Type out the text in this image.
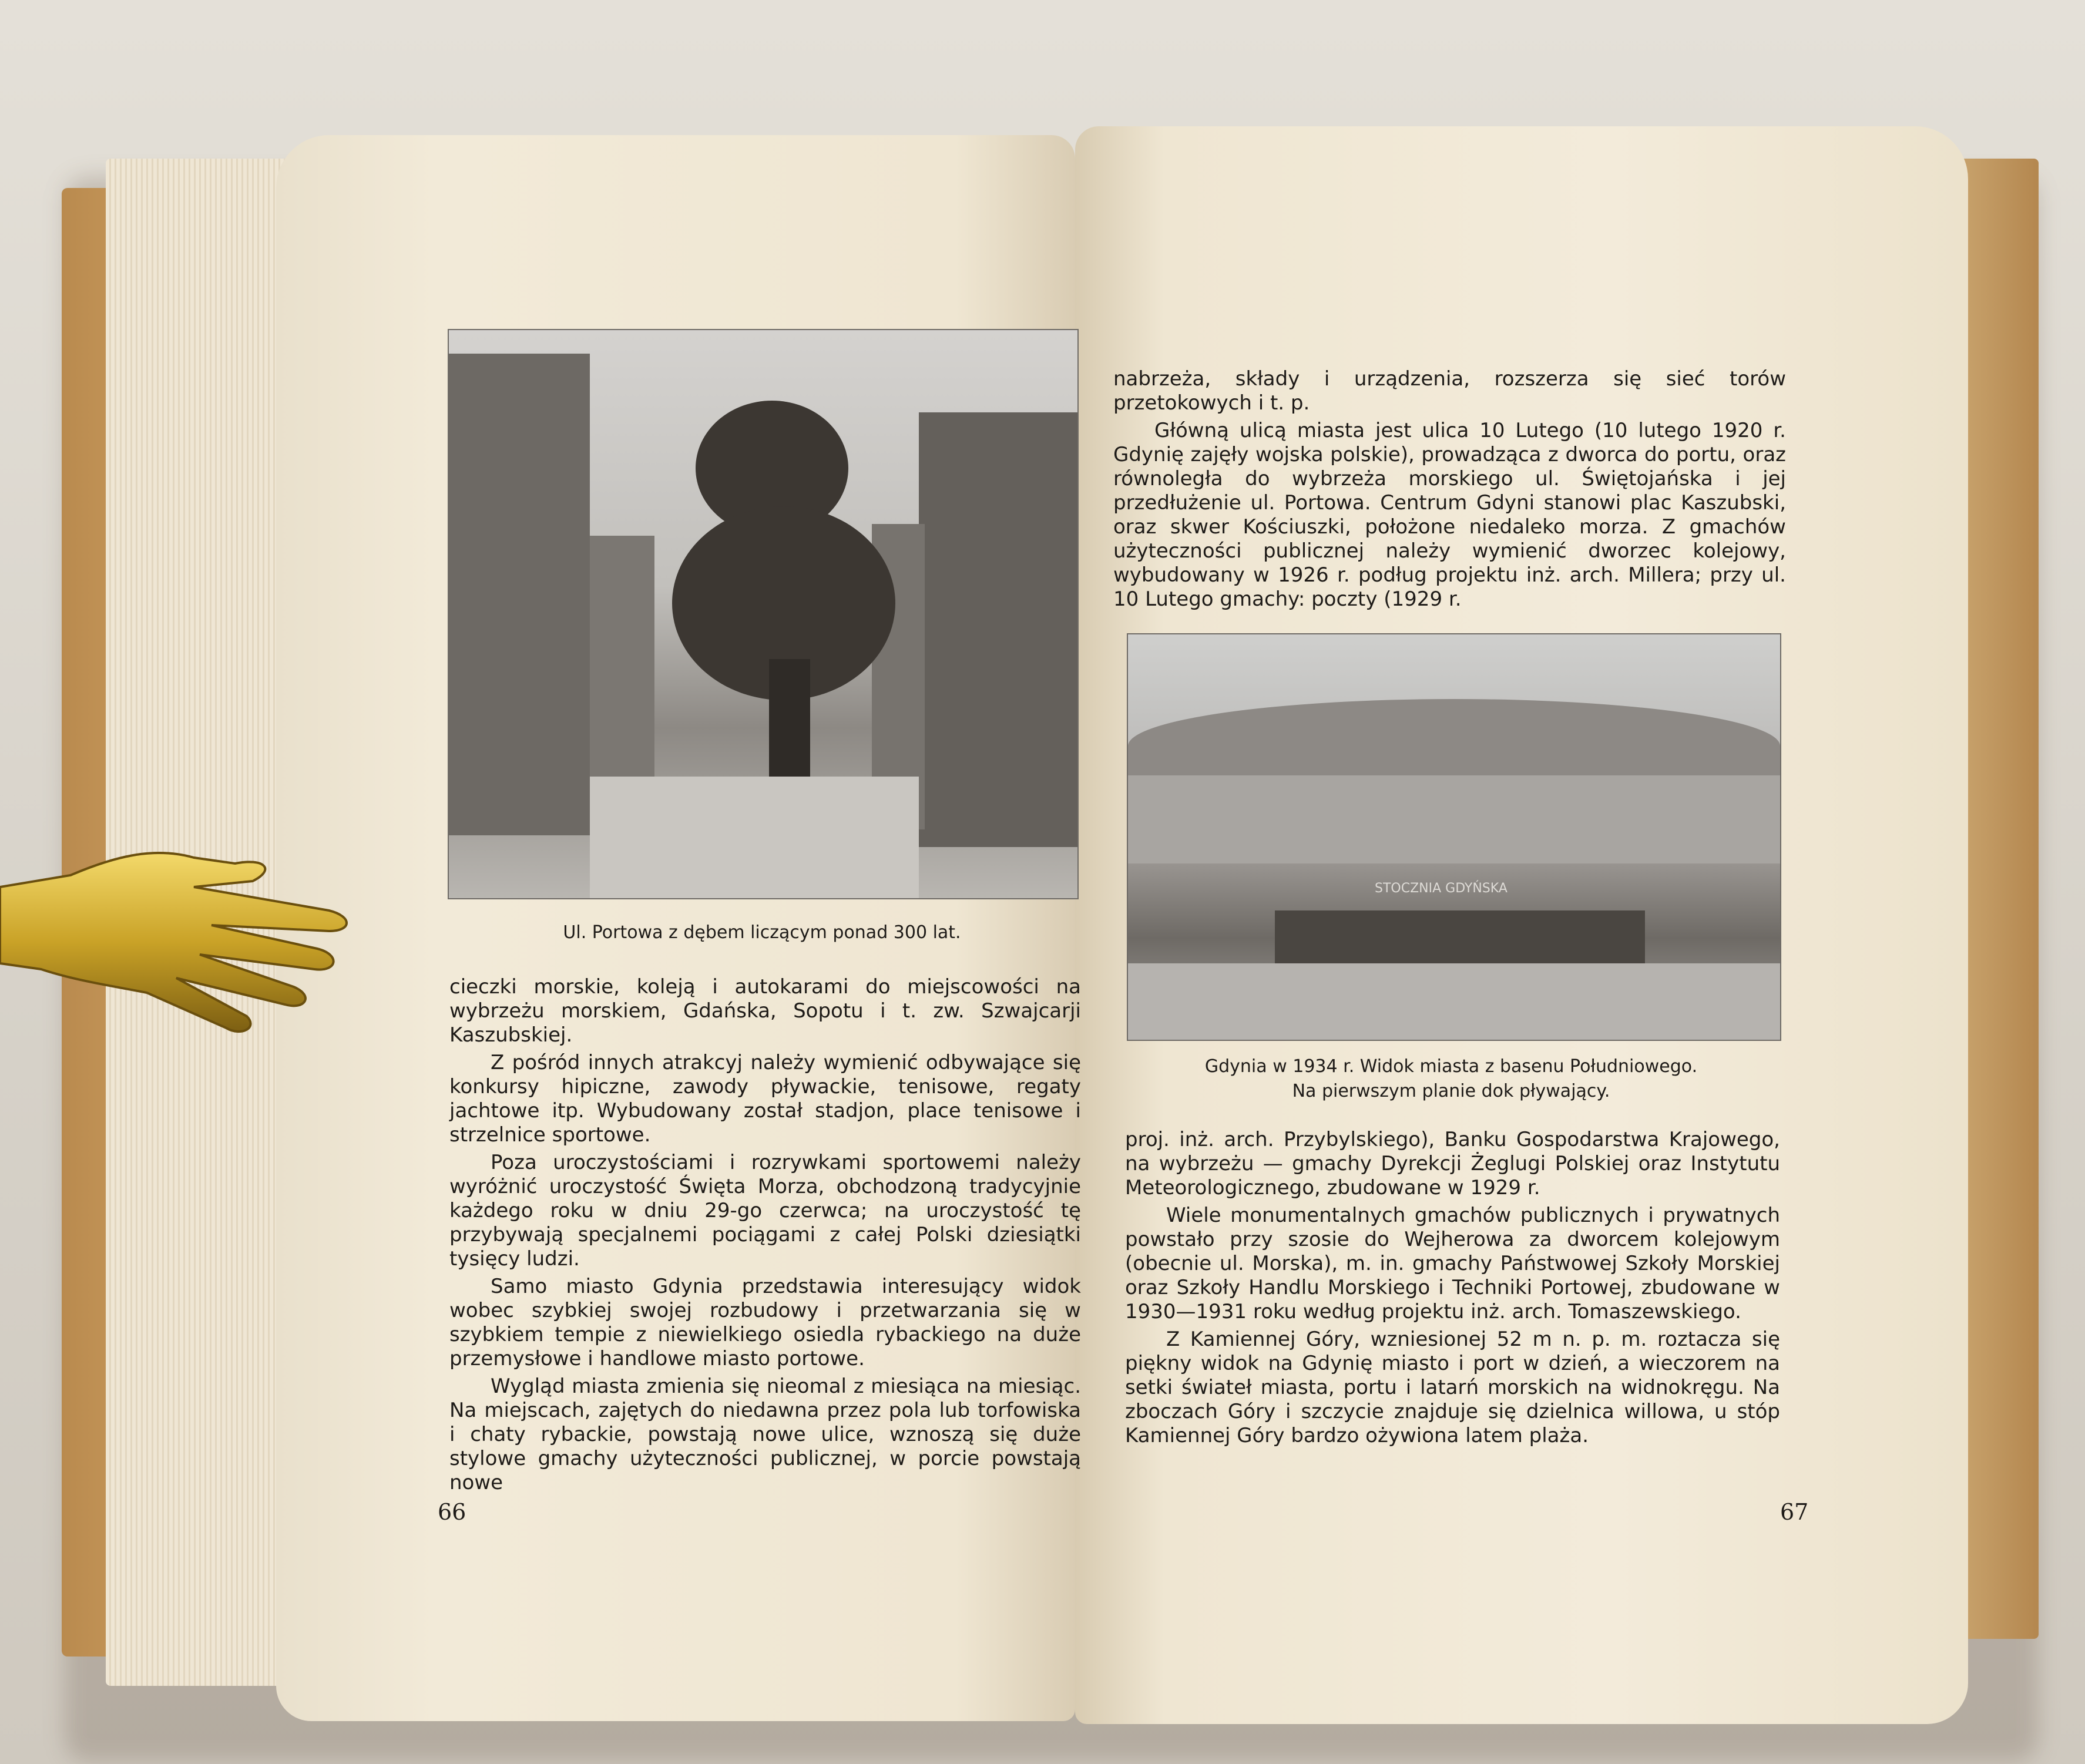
Ul. Portowa z dębem liczącym ponad 300 lat.

cieczki morskie, koleją i autokarami do miejscowości na wybrzeżu morskiem, Gdańska, Sopotu i t. zw. Szwajcarji Kaszubskiej.

Z pośród innych atrakcyj należy wymienić odbywające się konkursy hipiczne, zawody pływackie, tenisowe, regaty jachtowe itp. Wybudowany został stadjon, place tenisowe i strzelnice sportowe.

Poza uroczystościami i rozrywkami sportowemi należy wyróżnić uroczystość Święta Morza, obchodzoną tradycyjnie każdego roku w dniu 29-go czerwca; na uroczystość tę przybywają specjalnemi pociągami z całej Polski dziesiątki tysięcy ludzi.

Samo miasto Gdynia przedstawia interesujący widok wobec szybkiej swojej rozbudowy i przetwarzania się w szybkiem tempie z niewielkiego osiedla rybackiego na duże przemysłowe i handlowe miasto portowe.

Wygląd miasta zmienia się nieomal z miesiąca na miesiąc. Na miejscach, zajętych do niedawna przez pola lub torfowiska i chaty rybackie, powstają nowe ulice, wznoszą się duże stylowe gmachy użyteczności publicznej, w porcie powstają nowe

66

nabrzeża, składy i urządzenia, rozszerza się sieć torów przetokowych i t. p.

Główną ulicą miasta jest ulica 10 Lutego (10 lutego 1920 r. Gdynię zajęły wojska polskie), prowadząca z dworca do portu, oraz równoległa do wybrzeża morskiego ul. Świętojańska i jej przedłużenie ul. Portowa. Centrum Gdyni stanowi plac Kaszubski, oraz skwer Kościuszki, położone niedaleko morza. Z gmachów użyteczności publicznej należy wymienić dworzec kolejowy, wybudowany w 1926 r. podług projektu inż. arch. Millera; przy ul. 10 Lutego gmachy: poczty (1929 r.

STOCZNIA GDYŃSKA
Gdynia w 1934 r. Widok miasta z basenu Południowego.
Na pierwszym planie dok pływający.

proj. inż. arch. Przybylskiego), Banku Gospodarstwa Krajowego, na wybrzeżu — gmachy Dyrekcji Żeglugi Polskiej oraz Instytutu Meteorologicznego, zbudowane w 1929 r.

Wiele monumentalnych gmachów publicznych i prywatnych powstało przy szosie do Wejherowa za dworcem kolejowym (obecnie ul. Morska), m. in. gmachy Państwowej Szkoły Morskiej oraz Szkoły Handlu Morskiego i Techniki Portowej, zbudowane w 1930—1931 roku według projektu inż. arch. Tomaszewskiego.

Z Kamiennej Góry, wzniesionej 52 m n. p. m. roztacza się piękny widok na Gdynię miasto i port w dzień, a wieczorem na setki świateł miasta, portu i latarń morskich na widnokręgu. Na zboczach Góry i szczycie znajduje się dzielnica willowa, u stóp Kamiennej Góry bardzo ożywiona latem plaża.

67
